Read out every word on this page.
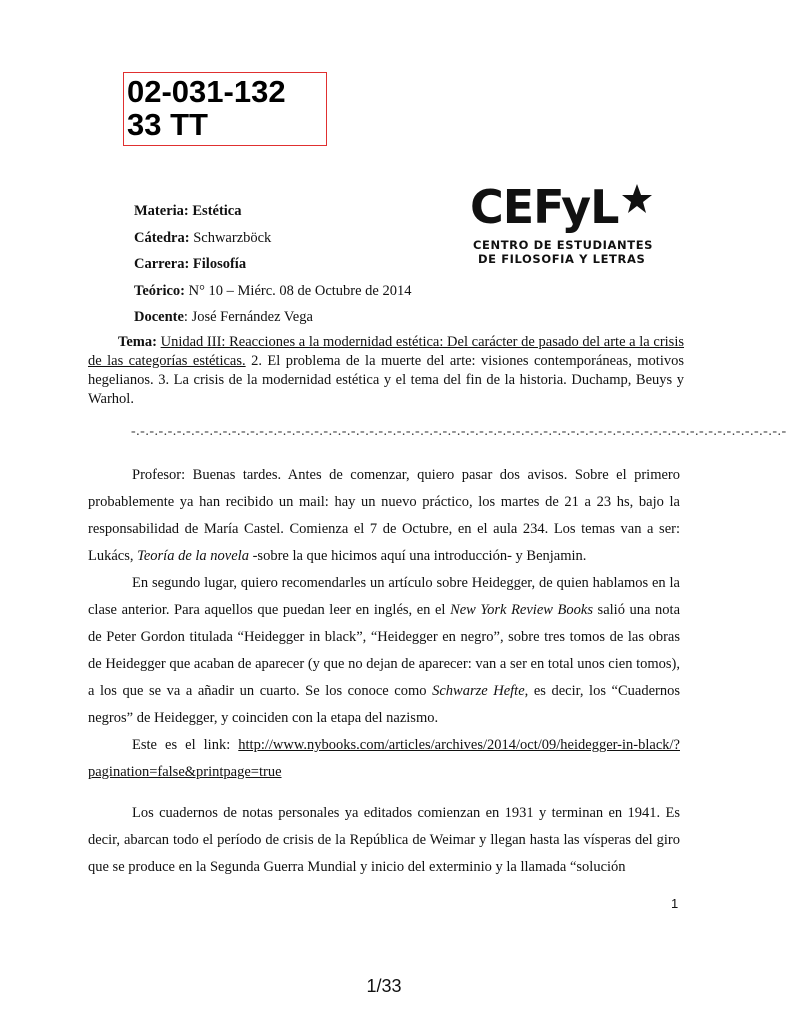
02-031-132
33 TT
Materia: Estética
Cátedra: Schwarzböck
Carrera: Filosofía
Teórico: N° 10 – Miérc. 08 de Octubre de 2014
Docente: José Fernández Vega
CEFyL
CENTRO DE ESTUDIANTES
DE FILOSOFIA Y LETRAS
Tema: Unidad III: Reacciones a la modernidad estética: Del carácter de pasado del arte a la crisis de las categorías estéticas. 2. El problema de la muerte del arte: visiones contemporáneas, motivos hegelianos. 3. La crisis de la modernidad estética y el tema del fin de la historia. Duchamp, Beuys y Warhol.
-.-.-.-.-.-.-.-.-.-.-.-.-.-.-.-.-.-.-.-.-.-.-.-.-.-.-.-.-.-.-.-.-.-.-.-.-.-.-.-.-.-.-.-.-.-.-.-.-.-.-.-.-.-.-.-.-.-.-.-.-.-.-.-.-.-.-.-.-.-.-.-

Profesor: Buenas tardes. Antes de comenzar, quiero pasar dos avisos. Sobre el primero probablemente ya han recibido un mail: hay un nuevo práctico, los martes de 21 a 23 hs, bajo la responsabilidad de María Castel. Comienza el 7 de Octubre, en el aula 234. Los temas van a ser: Lukács, Teoría de la novela -sobre la que hicimos aquí una introducción- y Benjamin.

En segundo lugar, quiero recomendarles un artículo sobre Heidegger, de quien hablamos en la clase anterior. Para aquellos que puedan leer en inglés, en el New York Review Books salió una nota de Peter Gordon titulada “Heidegger in black”, “Heidegger en negro”, sobre tres tomos de las obras de Heidegger que acaban de aparecer (y que no dejan de aparecer: van a ser en total unos cien tomos), a los que se va a añadir un cuarto. Se los conoce como Schwarze Hefte, es decir, los “Cuadernos negros” de Heidegger, y coinciden con la etapa del nazismo.

Este es el link: http://www.nybooks.com/articles/archives/2014/oct/09/heidegger-in-black/?pagination=false&printpage=true

Los cuadernos de notas personales ya editados comienzan en 1931 y terminan en 1941. Es decir, abarcan todo el período de crisis de la República de Weimar y llegan hasta las vísperas del giro que se produce en la Segunda Guerra Mundial y inicio del exterminio y la llamada “solución

1
1/33
